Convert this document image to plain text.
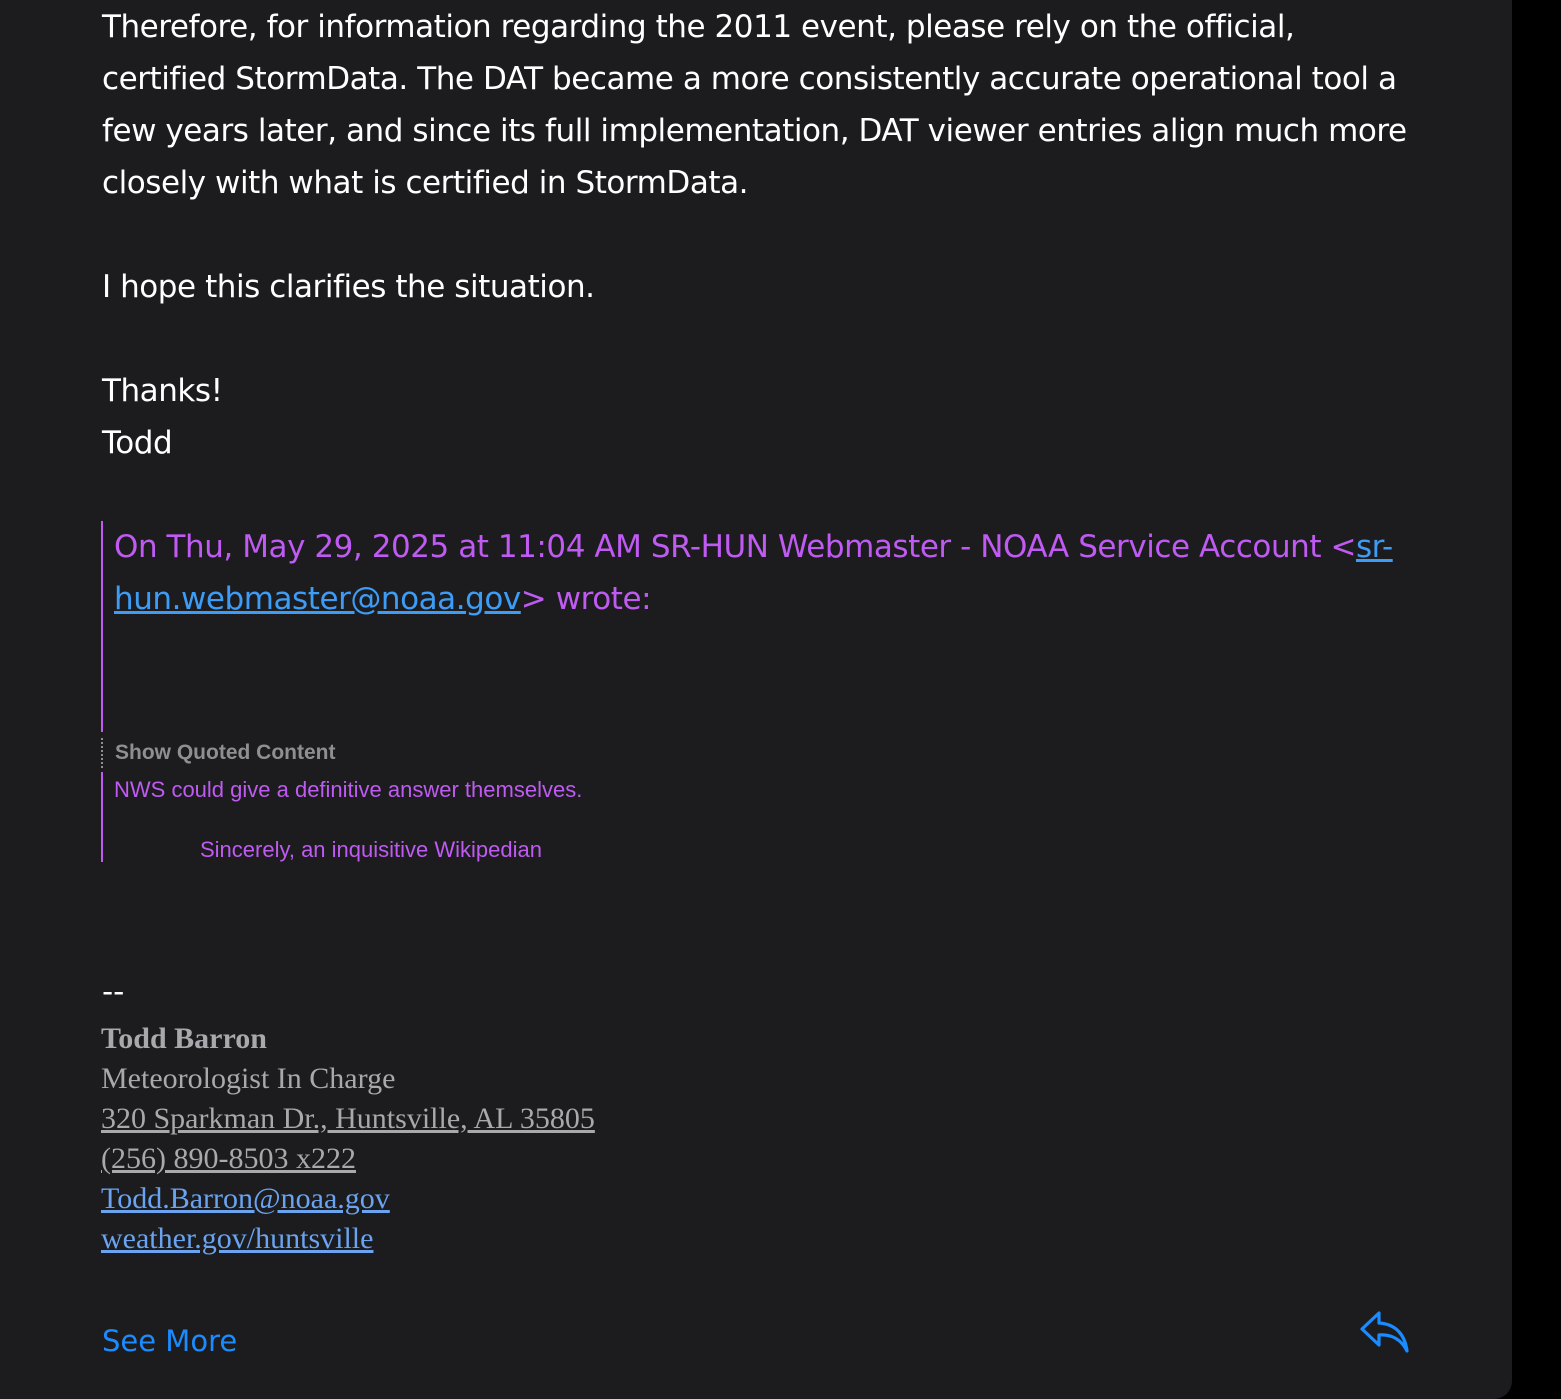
Therefore, for information regarding the 2011 event, please rely on the official,
certified StormData. The DAT became a more consistently accurate operational tool a
few years later, and since its full implementation, DAT viewer entries align much more
closely with what is certified in StormData.
I hope this clarifies the situation.
Thanks!
Todd
On Thu, May 29, 2025 at 11:04 AM SR-HUN Webmaster - NOAA Service Account <sr-
hun.webmaster@noaa.gov> wrote:
Show Quoted Content
NWS could give a definitive answer themselves.
Sincerely, an inquisitive Wikipedian
--
Todd Barron
Meteorologist In Charge
320 Sparkman Dr., Huntsville, AL 35805
(256) 890-8503 x222
Todd.Barron@noaa.gov
weather.gov/huntsville
See More
